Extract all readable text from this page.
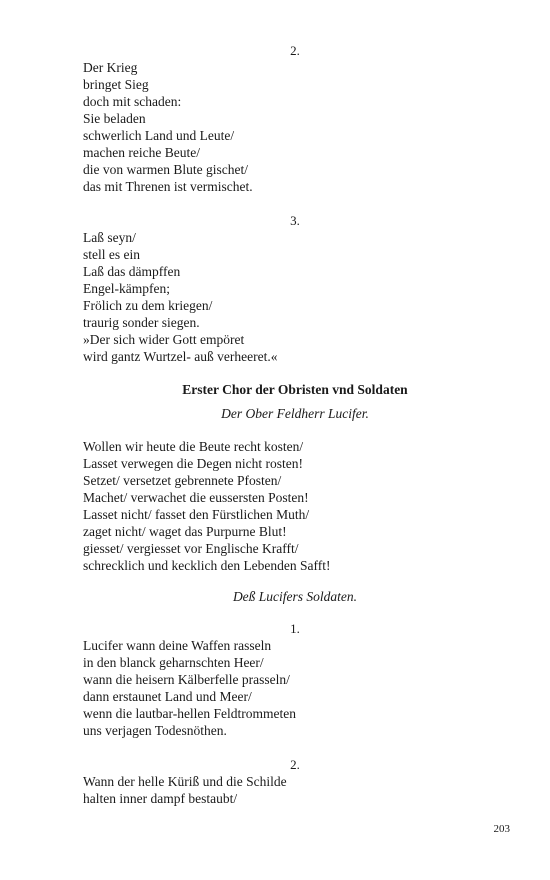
2.
Der Krieg
bringet Sieg
doch mit schaden:
Sie beladen
schwerlich Land und Leute/
machen reiche Beute/
die von warmen Blute gischet/
das mit Threnen ist vermischet.
3.
Laß seyn/
stell es ein
Laß das dämpffen
Engel-kämpfen;
Frölich zu dem kriegen/
traurig sonder siegen.
»Der sich wider Gott empöret
wird gantz Wurtzel- auß verheeret.«
Erster Chor der Obristen vnd Soldaten
Der Ober Feldherr Lucifer.
Wollen wir heute die Beute recht kosten/
Lasset verwegen die Degen nicht rosten!
Setzet/ versetzet gebrennete Pfosten/
Machet/ verwachet die eussersten Posten!
Lasset nicht/ fasset den Fürstlichen Muth/
zaget nicht/ waget das Purpurne Blut!
giesset/ vergiesset vor Englische Krafft/
schrecklich und kecklich den Lebenden Safft!
Deß Lucifers Soldaten.
1.
Lucifer wann deine Waffen rasseln
in den blanck geharnschten Heer/
wann die heisern Kälberfelle prasseln/
dann erstaunet Land und Meer/
wenn die lautbar-hellen Feldtrommeten
uns verjagen Todesnöthen.
2.
Wann der helle Küriß und die Schilde
halten inner dampf bestaubt/
203
